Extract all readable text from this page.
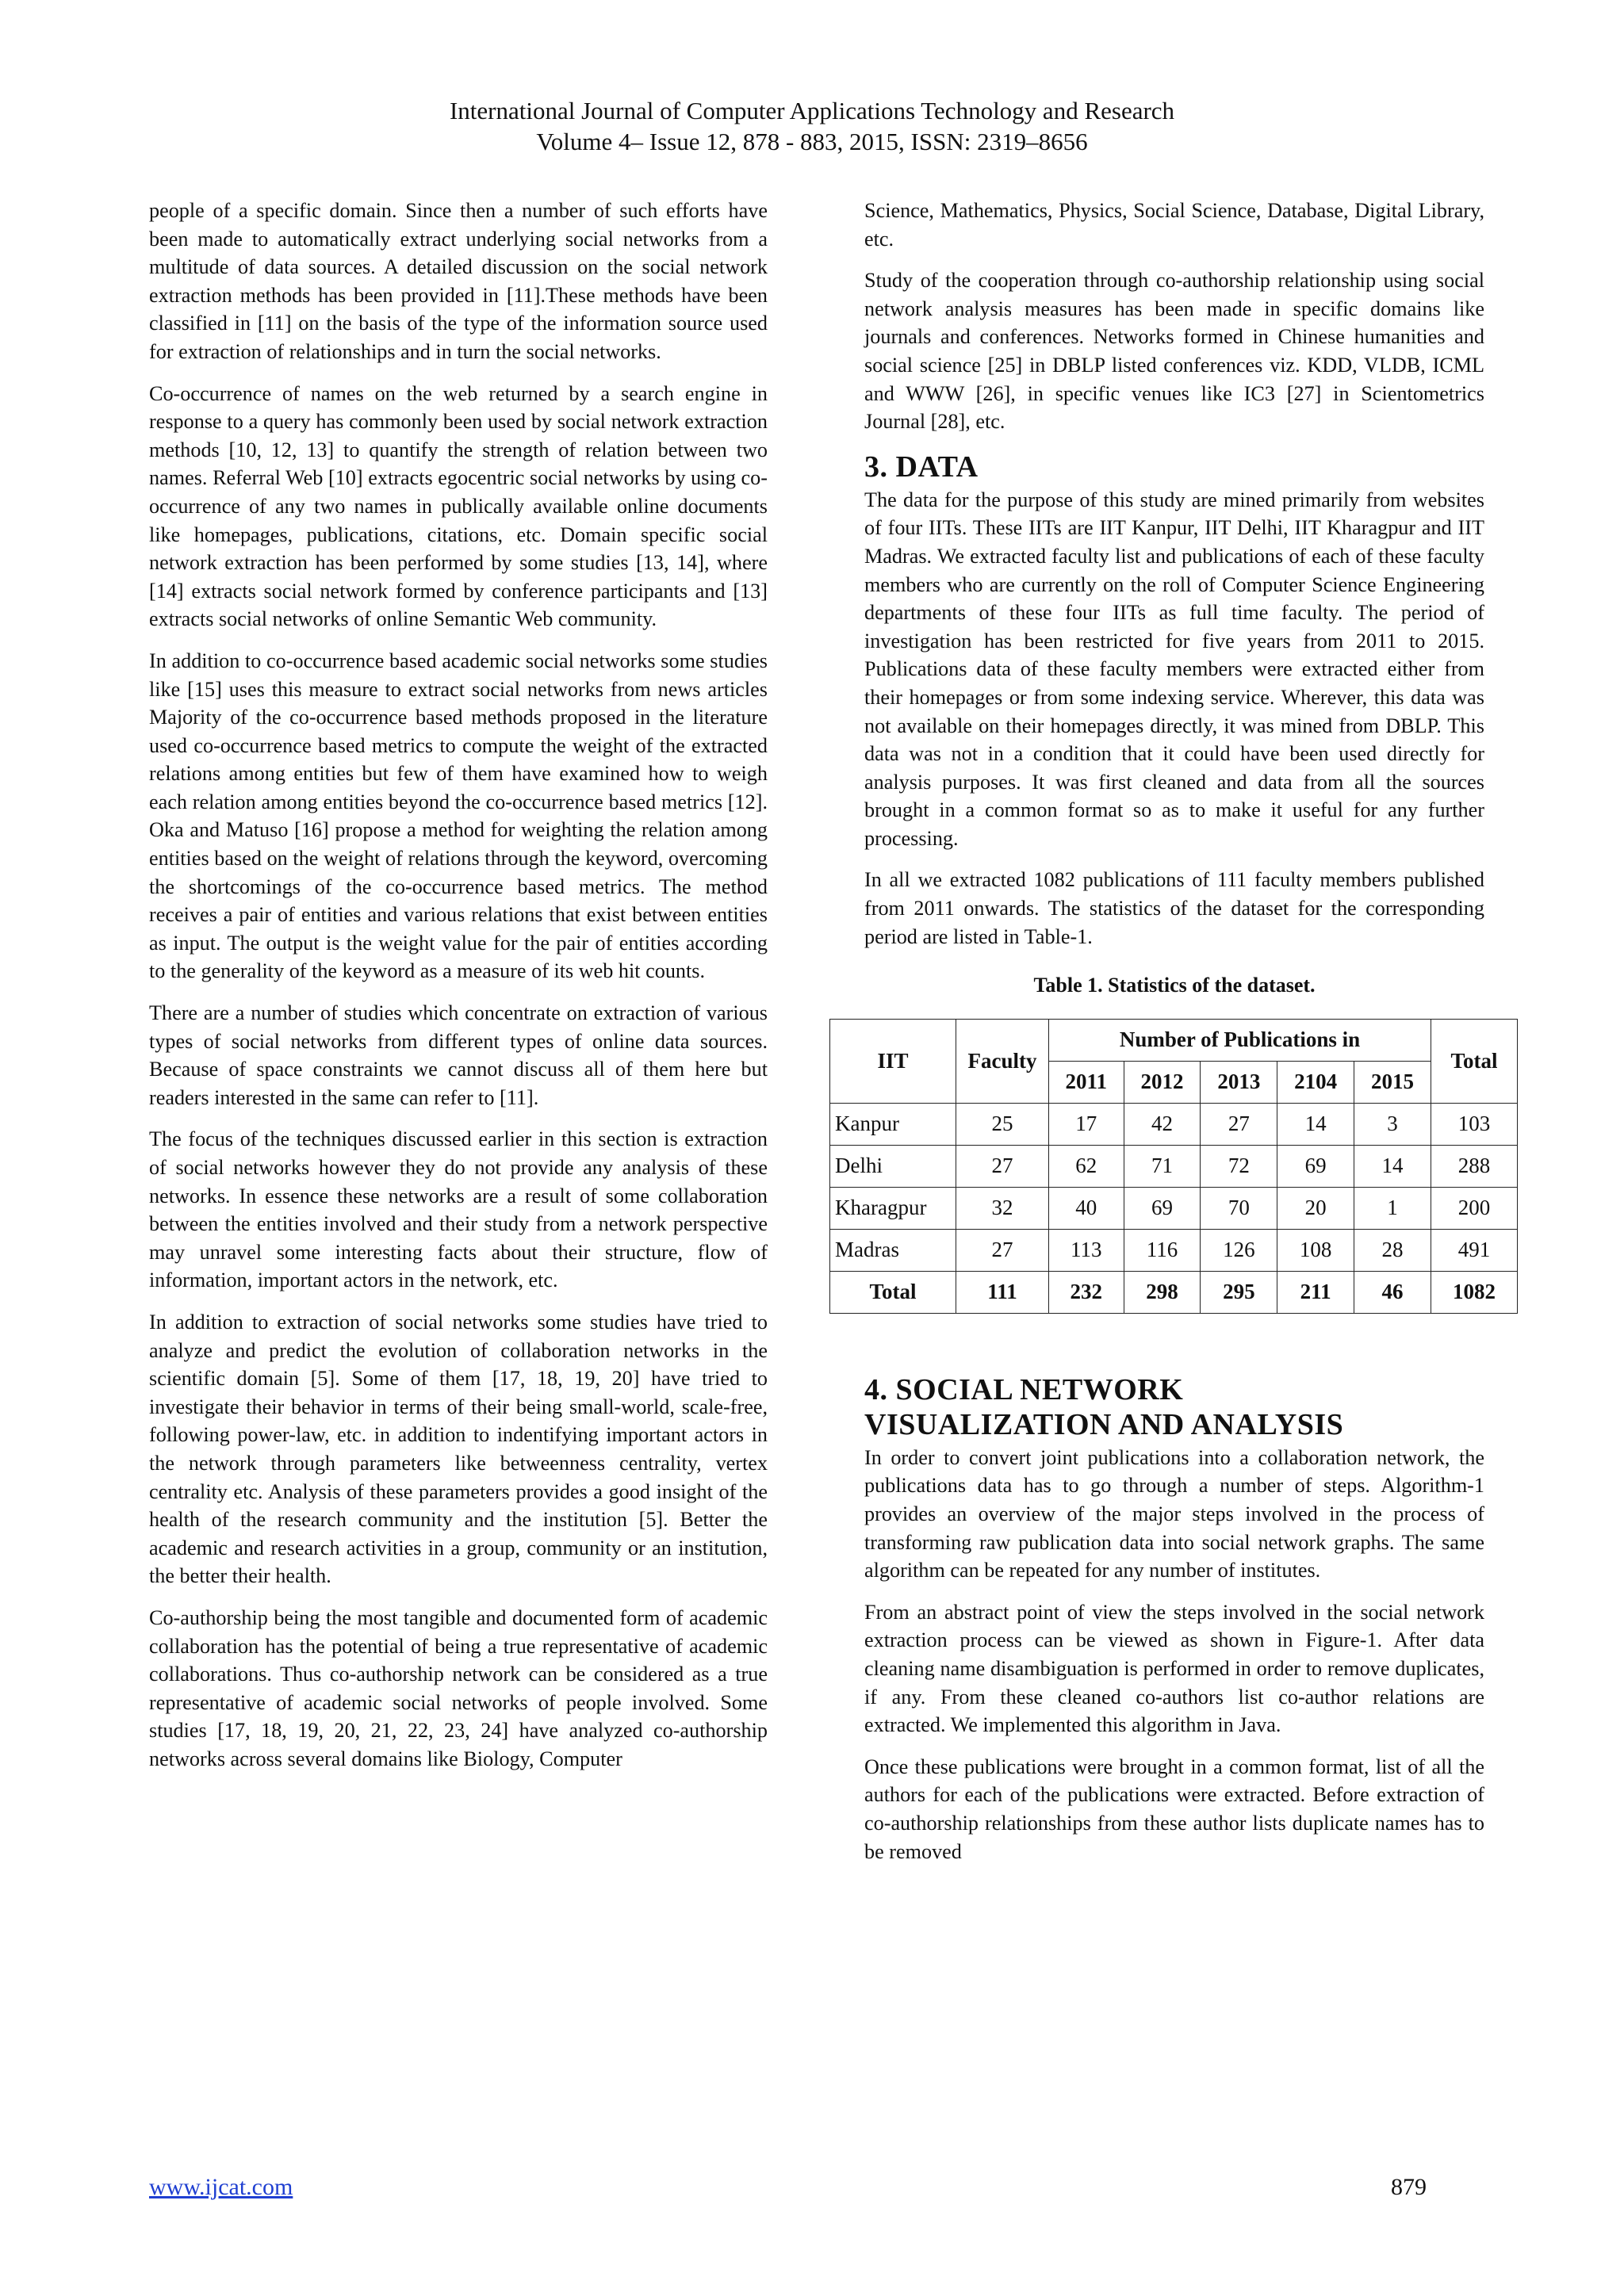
International Journal of Computer Applications Technology and Research
Volume 4– Issue 12, 878 - 883, 2015, ISSN: 2319–8656

people of a specific domain. Since then a number of such efforts have been made to automatically extract underlying social networks from a multitude of data sources. A detailed discussion on the social network extraction methods has been provided in [11].These methods have been classified in [11] on the basis of the type of the information source used for extraction of relationships and in turn the social networks.

Co-occurrence of names on the web returned by a search engine in response to a query has commonly been used by social network extraction methods [10, 12, 13] to quantify the strength of relation between two names. Referral Web [10] extracts egocentric social networks by using co-occurrence of any two names in publically available online documents like homepages, publications, citations, etc. Domain specific social network extraction has been performed by some studies [13, 14], where [14] extracts social network formed by conference participants and [13] extracts social networks of online Semantic Web community.

In addition to co-occurrence based academic social networks some studies like [15] uses this measure to extract social networks from news articles Majority of the co-occurrence based methods proposed in the literature used co-occurrence based metrics to compute the weight of the extracted relations among entities but few of them have examined how to weigh each relation among entities beyond the co-occurrence based metrics [12]. Oka and Matuso [16] propose a method for weighting the relation among entities based on the weight of relations through the keyword, overcoming the shortcomings of the co-occurrence based metrics. The method receives a pair of entities and various relations that exist between entities as input. The output is the weight value for the pair of entities according to the generality of the keyword as a measure of its web hit counts.

There are a number of studies which concentrate on extraction of various types of social networks from different types of online data sources. Because of space constraints we cannot discuss all of them here but readers interested in the same can refer to [11].

The focus of the techniques discussed earlier in this section is extraction of social networks however they do not provide any analysis of these networks. In essence these networks are a result of some collaboration between the entities involved and their study from a network perspective may unravel some interesting facts about their structure, flow of information, important actors in the network, etc.

In addition to extraction of social networks some studies have tried to analyze and predict the evolution of collaboration networks in the scientific domain [5]. Some of them [17, 18, 19, 20] have tried to investigate their behavior in terms of their being small-world, scale-free, following power-law, etc. in addition to indentifying important actors in the network through parameters like betweenness centrality, vertex centrality etc. Analysis of these parameters provides a good insight of the health of the research community and the institution [5]. Better the academic and research activities in a group, community or an institution, the better their health.

Co-authorship being the most tangible and documented form of academic collaboration has the potential of being a true representative of academic collaborations. Thus co-authorship network can be considered as a true representative of academic social networks of people involved. Some studies [17, 18, 19, 20, 21, 22, 23, 24] have analyzed co-authorship networks across several domains like Biology, Computer

Science, Mathematics, Physics, Social Science, Database, Digital Library, etc.

Study of the cooperation through co-authorship relationship using social network analysis measures has been made in specific domains like journals and conferences. Networks formed in Chinese humanities and social science [25] in DBLP listed conferences viz. KDD, VLDB, ICML and WWW [26], in specific venues like IC3 [27] in Scientometrics Journal [28], etc.

3. DATA

The data for the purpose of this study are mined primarily from websites of four IITs. These IITs are IIT Kanpur, IIT Delhi, IIT Kharagpur and IIT Madras. We extracted faculty list and publications of each of these faculty members who are currently on the roll of Computer Science Engineering departments of these four IITs as full time faculty. The period of investigation has been restricted for five years from 2011 to 2015. Publications data of these faculty members were extracted either from their homepages or from some indexing service. Wherever, this data was not available on their homepages directly, it was mined from DBLP. This data was not in a condition that it could have been used directly for analysis purposes. It was first cleaned and data from all the sources brought in a common format so as to make it useful for any further processing.

In all we extracted 1082 publications of 111 faculty members published from 2011 onwards. The statistics of the dataset for the corresponding period are listed in Table-1.

Table 1. Statistics of the dataset.
IIT	Faculty	Number of Publications in					Total
		2011	2012	2013	2104	2015	
Kanpur	25	17	42	27	14	3	103
Delhi	27	62	71	72	69	14	288
Kharagpur	32	40	69	70	20	1	200
Madras	27	113	116	126	108	28	491
Total	111	232	298	295	211	46	1082
4. SOCIAL NETWORK
VISUALIZATION AND ANALYSIS

In order to convert joint publications into a collaboration network, the publications data has to go through a number of steps. Algorithm-1 provides an overview of the major steps involved in the process of transforming raw publication data into social network graphs. The same algorithm can be repeated for any number of institutes.

From an abstract point of view the steps involved in the social network extraction process can be viewed as shown in Figure-1. After data cleaning name disambiguation is performed in order to remove duplicates, if any. From these cleaned co-authors list co-author relations are extracted. We implemented this algorithm in Java.

Once these publications were brought in a common format, list of all the authors for each of the publications were extracted. Before extraction of co-authorship relationships from these author lists duplicate names has to be removed

www.ijcat.com	879
